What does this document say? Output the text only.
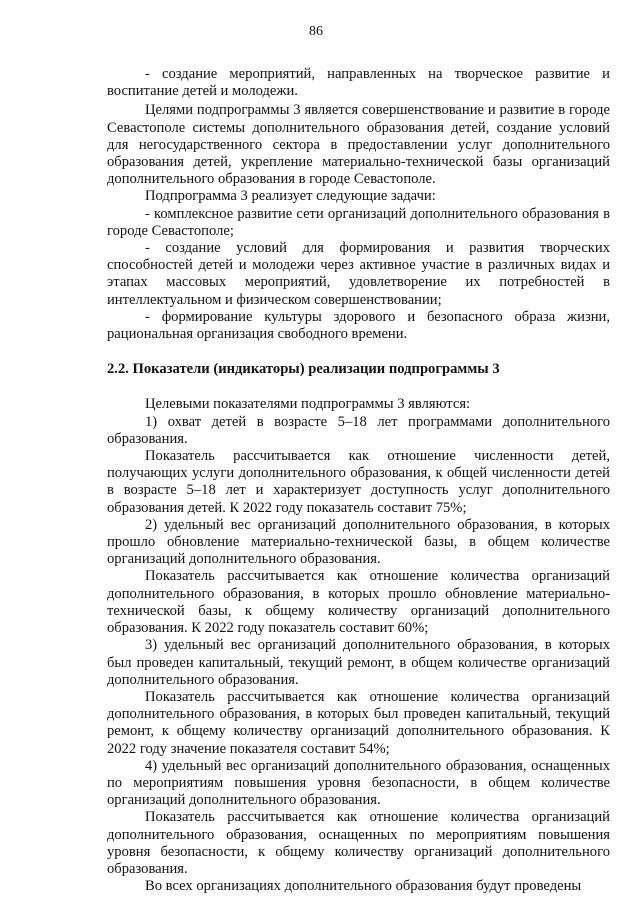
86

- создание мероприятий, направленных на творческое развитие и воспитание детей и молодежи.

Целями подпрограммы 3 является совершенствование и развитие в городе Севастополе системы дополнительного образования детей, создание условий для негосударственного сектора в предоставлении услуг дополнительного образования детей, укрепление материально-технической базы организаций дополнительного образования в городе Севастополе.

Подпрограмма 3 реализует следующие задачи:

- комплексное развитие сети организаций дополнительного образования в городе Севастополе;

- создание условий для формирования и развития творческих способностей детей и молодежи через активное участие в различных видах и этапах массовых мероприятий, удовлетворение их потребностей в интеллектуальном и физическом совершенствовании;

- формирование культуры здорового и безопасного образа жизни, рациональная организация свободного времени.

2.2. Показатели (индикаторы) реализации подпрограммы 3

Целевыми показателями подпрограммы 3 являются:

1) охват детей в возрасте 5–18 лет программами дополнительного образования.

Показатель рассчитывается как отношение численности детей, получающих услуги дополнительного образования, к общей численности детей в возрасте 5–18 лет и характеризует доступность услуг дополнительного образования детей. К 2022 году показатель составит 75%;

2) удельный вес организаций дополнительного образования, в которых прошло обновление материально-технической базы, в общем количестве организаций дополнительного образования.

Показатель рассчитывается как отношение количества организаций дополнительного образования, в которых прошло обновление материально-технической базы, к общему количеству организаций дополнительного образования. К 2022 году показатель составит 60%;

3) удельный вес организаций дополнительного образования, в которых был проведен капитальный, текущий ремонт, в общем количестве организаций дополнительного образования.

Показатель рассчитывается как отношение количества организаций дополнительного образования, в которых был проведен капитальный, текущий ремонт, к общему количеству организаций дополнительного образования. К 2022 году значение показателя составит 54%;

4) удельный вес организаций дополнительного образования, оснащенных по мероприятиям повышения уровня безопасности, в общем количестве организаций дополнительного образования.

Показатель рассчитывается как отношение количества организаций дополнительного образования, оснащенных по мероприятиям повышения уровня безопасности, к общему количеству организаций дополнительного образования.

Во всех организациях дополнительного образования будут проведены
